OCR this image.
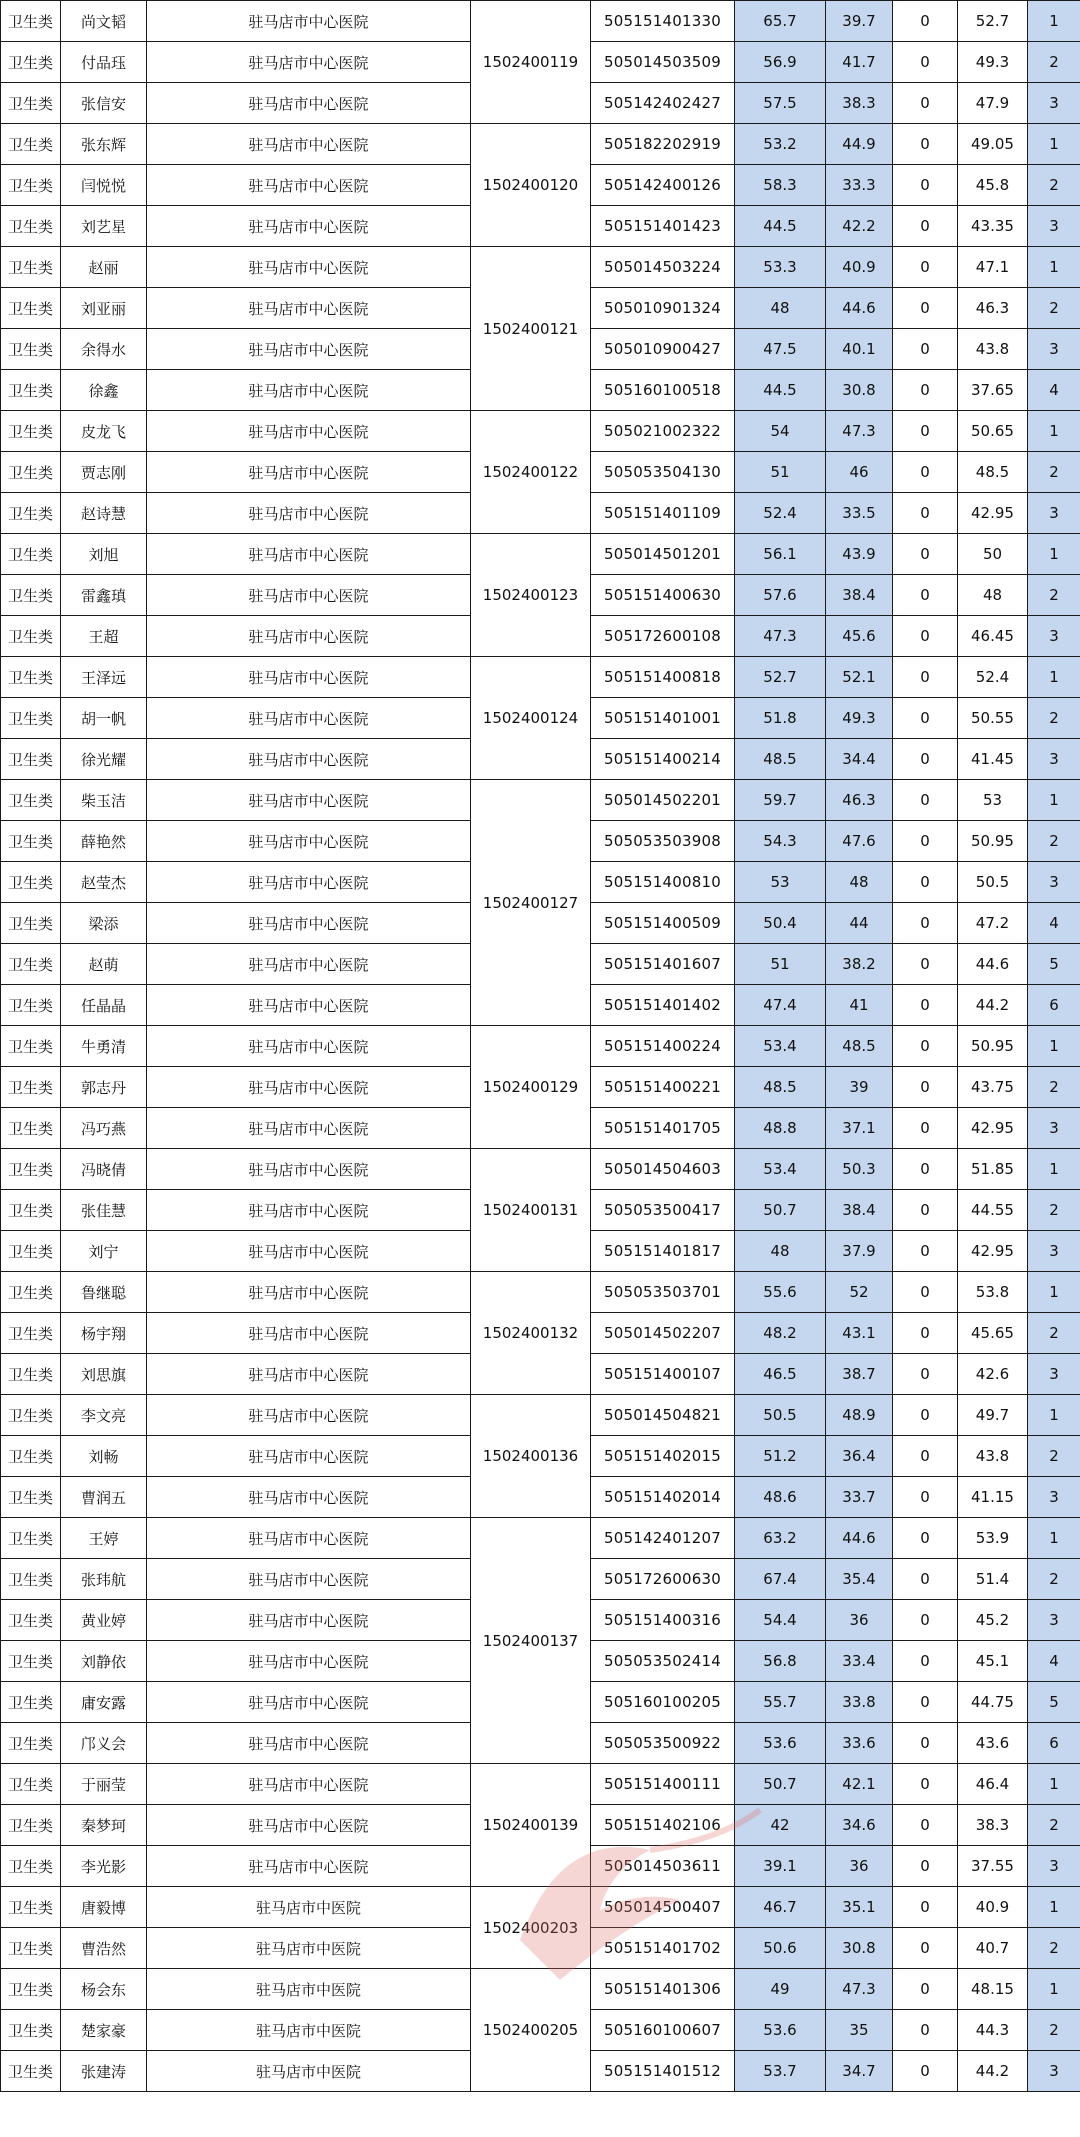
卫生类	尚文韬	驻马店市中心医院	1502400119	505151401330	65.7	39.7	0	52.7	1
卫生类	付品珏	驻马店市中心医院		505014503509	56.9	41.7	0	49.3	2
卫生类	张信安	驻马店市中心医院		505142402427	57.5	38.3	0	47.9	3
卫生类	张东辉	驻马店市中心医院	1502400120	505182202919	53.2	44.9	0	49.05	1
卫生类	闫悦悦	驻马店市中心医院		505142400126	58.3	33.3	0	45.8	2
卫生类	刘艺星	驻马店市中心医院		505151401423	44.5	42.2	0	43.35	3
卫生类	赵丽	驻马店市中心医院	1502400121	505014503224	53.3	40.9	0	47.1	1
卫生类	刘亚丽	驻马店市中心医院		505010901324	48	44.6	0	46.3	2
卫生类	余得水	驻马店市中心医院		505010900427	47.5	40.1	0	43.8	3
卫生类	徐鑫	驻马店市中心医院		505160100518	44.5	30.8	0	37.65	4
卫生类	皮龙飞	驻马店市中心医院	1502400122	505021002322	54	47.3	0	50.65	1
卫生类	贾志刚	驻马店市中心医院		505053504130	51	46	0	48.5	2
卫生类	赵诗慧	驻马店市中心医院		505151401109	52.4	33.5	0	42.95	3
卫生类	刘旭	驻马店市中心医院	1502400123	505014501201	56.1	43.9	0	50	1
卫生类	雷鑫瑱	驻马店市中心医院		505151400630	57.6	38.4	0	48	2
卫生类	王超	驻马店市中心医院		505172600108	47.3	45.6	0	46.45	3
卫生类	王泽远	驻马店市中心医院	1502400124	505151400818	52.7	52.1	0	52.4	1
卫生类	胡一帆	驻马店市中心医院		505151401001	51.8	49.3	0	50.55	2
卫生类	徐光耀	驻马店市中心医院		505151400214	48.5	34.4	0	41.45	3
卫生类	柴玉洁	驻马店市中心医院	1502400127	505014502201	59.7	46.3	0	53	1
卫生类	薛艳然	驻马店市中心医院		505053503908	54.3	47.6	0	50.95	2
卫生类	赵莹杰	驻马店市中心医院		505151400810	53	48	0	50.5	3
卫生类	梁添	驻马店市中心医院		505151400509	50.4	44	0	47.2	4
卫生类	赵萌	驻马店市中心医院		505151401607	51	38.2	0	44.6	5
卫生类	任晶晶	驻马店市中心医院		505151401402	47.4	41	0	44.2	6
卫生类	牛勇清	驻马店市中心医院	1502400129	505151400224	53.4	48.5	0	50.95	1
卫生类	郭志丹	驻马店市中心医院		505151400221	48.5	39	0	43.75	2
卫生类	冯巧燕	驻马店市中心医院		505151401705	48.8	37.1	0	42.95	3
卫生类	冯晓倩	驻马店市中心医院	1502400131	505014504603	53.4	50.3	0	51.85	1
卫生类	张佳慧	驻马店市中心医院		505053500417	50.7	38.4	0	44.55	2
卫生类	刘宁	驻马店市中心医院		505151401817	48	37.9	0	42.95	3
卫生类	鲁继聪	驻马店市中心医院	1502400132	505053503701	55.6	52	0	53.8	1
卫生类	杨宇翔	驻马店市中心医院		505014502207	48.2	43.1	0	45.65	2
卫生类	刘思旗	驻马店市中心医院		505151400107	46.5	38.7	0	42.6	3
卫生类	李文亮	驻马店市中心医院	1502400136	505014504821	50.5	48.9	0	49.7	1
卫生类	刘畅	驻马店市中心医院		505151402015	51.2	36.4	0	43.8	2
卫生类	曹润五	驻马店市中心医院		505151402014	48.6	33.7	0	41.15	3
卫生类	王婷	驻马店市中心医院	1502400137	505142401207	63.2	44.6	0	53.9	1
卫生类	张玮航	驻马店市中心医院		505172600630	67.4	35.4	0	51.4	2
卫生类	黄业婷	驻马店市中心医院		505151400316	54.4	36	0	45.2	3
卫生类	刘静依	驻马店市中心医院		505053502414	56.8	33.4	0	45.1	4
卫生类	庸安露	驻马店市中心医院		505160100205	55.7	33.8	0	44.75	5
卫生类	邝义会	驻马店市中心医院		505053500922	53.6	33.6	0	43.6	6
卫生类	于丽莹	驻马店市中心医院	1502400139	505151400111	50.7	42.1	0	46.4	1
卫生类	秦梦珂	驻马店市中心医院		505151402106	42	34.6	0	38.3	2
卫生类	李光影	驻马店市中心医院		505014503611	39.1	36	0	37.55	3
卫生类	唐毅博	驻马店市中医院	1502400203	505014500407	46.7	35.1	0	40.9	1
卫生类	曹浩然	驻马店市中医院		505151401702	50.6	30.8	0	40.7	2
卫生类	杨会东	驻马店市中医院	1502400205	505151401306	49	47.3	0	48.15	1
卫生类	楚家豪	驻马店市中医院		505160100607	53.6	35	0	44.3	2
卫生类	张建涛	驻马店市中医院		505151401512	53.7	34.7	0	44.2	3
